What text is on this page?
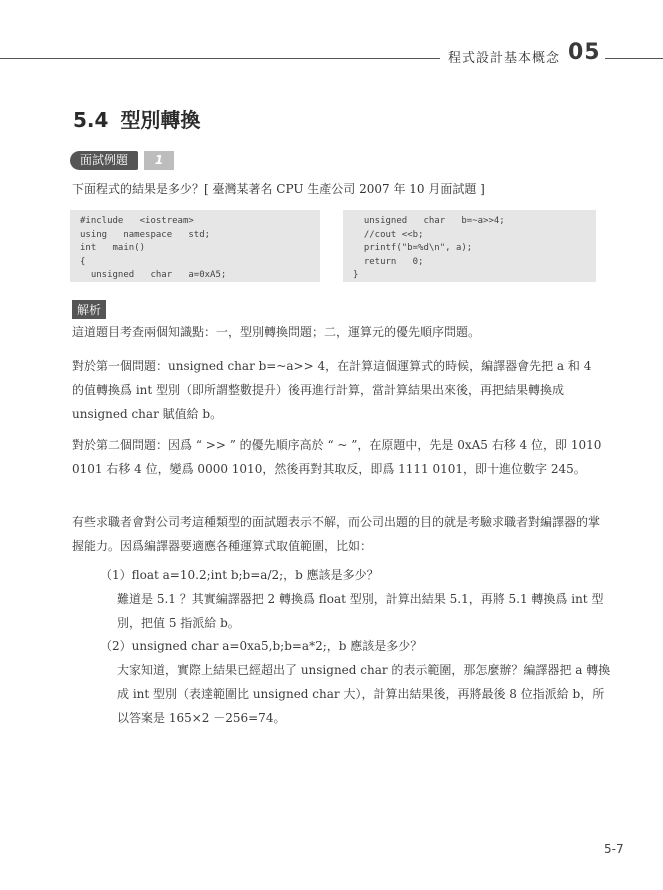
程式設計基本概念 05
5.4 型別轉換
面試例題	1
下面程式的結果是多少？[ 臺灣某著名 CPU 生產公司 2007 年 10 月面試題 ]
#include   <iostream>
using   namespace   std;
int   main()
{
unsigned   char   a=0xA5;
unsigned   char   b=~a>>4;
//cout <<b;
printf("b=%d\n", a);
return   0;
}
解析
這道題目考查兩個知識點：一，型別轉換問題；二，運算元的優先順序問題。
對於第一個問題：unsigned char b=~a>> 4，在計算這個運算式的時候，編譯器會先把 a 和 4 的值轉換爲 int 型別（即所謂整數提升）後再進行計算，當計算結果出來後，再把結果轉換成 unsigned char 賦值給 b。
對於第二個問題：因爲 “ >> ” 的優先順序高於 “ ~ ”，在原題中，先是 0xA5 右移 4 位，即 1010 0101 右移 4 位，變爲 0000 1010，然後再對其取反，即爲 1111 0101，即十進位數字 245。
有些求職者會對公司考這種類型的面試題表示不解，而公司出題的目的就是考驗求職者對編譯器的掌握能力。因爲編譯器要適應各種運算式取值範圍，比如：
（1）float a=10.2;int b;b=a/2;，b 應該是多少？
難道是 5.1 ？其實編譯器把 2 轉換爲 float 型別，計算出結果 5.1，再將 5.1 轉換爲 int 型別，把值 5 指派給 b。
（2）unsigned char a=0xa5,b;b=a*2;，b 應該是多少？
大家知道，實際上結果已經超出了 unsigned char 的表示範圍，那怎麼辦？編譯器把 a 轉換成 int 型別（表達範圍比 unsigned char 大），計算出結果後，再將最後 8 位指派給 b，所以答案是 165×2 －256=74。
5-7
